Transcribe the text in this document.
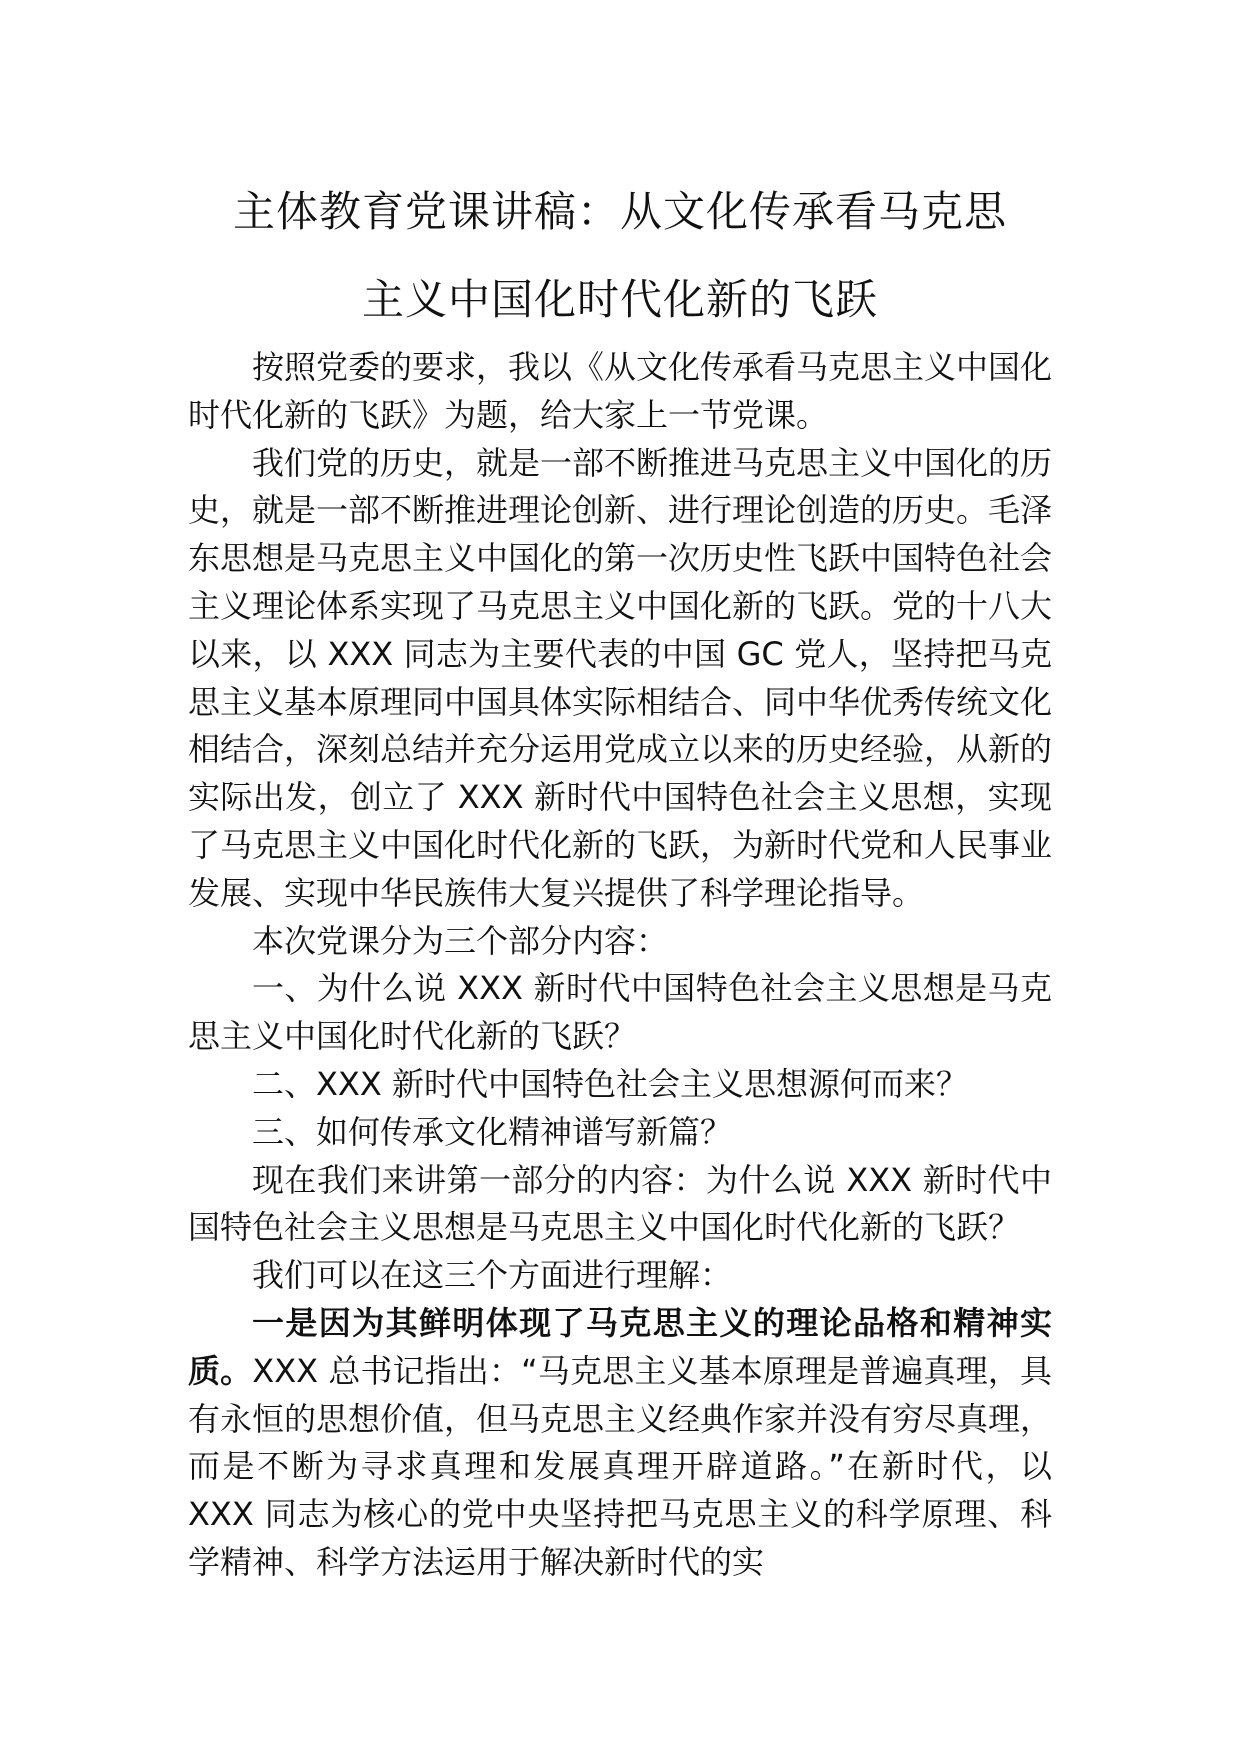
主体教育党课讲稿：从文化传承看马克思
主义中国化时代化新的飞跃

按照党委的要求，我以《从文化传承看马克思主义中国化时代化新的飞跃》为题，给大家上一节党课。

我们党的历史，就是一部不断推进马克思主义中国化的历史，就是一部不断推进理论创新、进行理论创造的历史。毛泽东思想是马克思主义中国化的第一次历史性飞跃中国特色社会主义理论体系实现了马克思主义中国化新的飞跃。党的十八大以来，以 XXX 同志为主要代表的中国 GC 党人，坚持把马克思主义基本原理同中国具体实际相结合、同中华优秀传统文化相结合，深刻总结并充分运用党成立以来的历史经验，从新的实际出发，创立了 XXX 新时代中国特色社会主义思想，实现了马克思主义中国化时代化新的飞跃，为新时代党和人民事业发展、实现中华民族伟大复兴提供了科学理论指导。

本次党课分为三个部分内容：

一、为什么说 XXX 新时代中国特色社会主义思想是马克思主义中国化时代化新的飞跃？

二、XXX 新时代中国特色社会主义思想源何而来？

三、如何传承文化精神谱写新篇？

现在我们来讲第一部分的内容：为什么说 XXX 新时代中国特色社会主义思想是马克思主义中国化时代化新的飞跃？

我们可以在这三个方面进行理解：

一是因为其鲜明体现了马克思主义的理论品格和精神实质。XXX 总书记指出：“马克思主义基本原理是普遍真理，具有永恒的思想价值，但马克思主义经典作家并没有穷尽真理，而是不断为寻求真理和发展真理开辟道路。”在新时代，以 XXX 同志为核心的党中央坚持把马克思主义的科学原理、科学精神、科学方法运用于解决新时代的实
